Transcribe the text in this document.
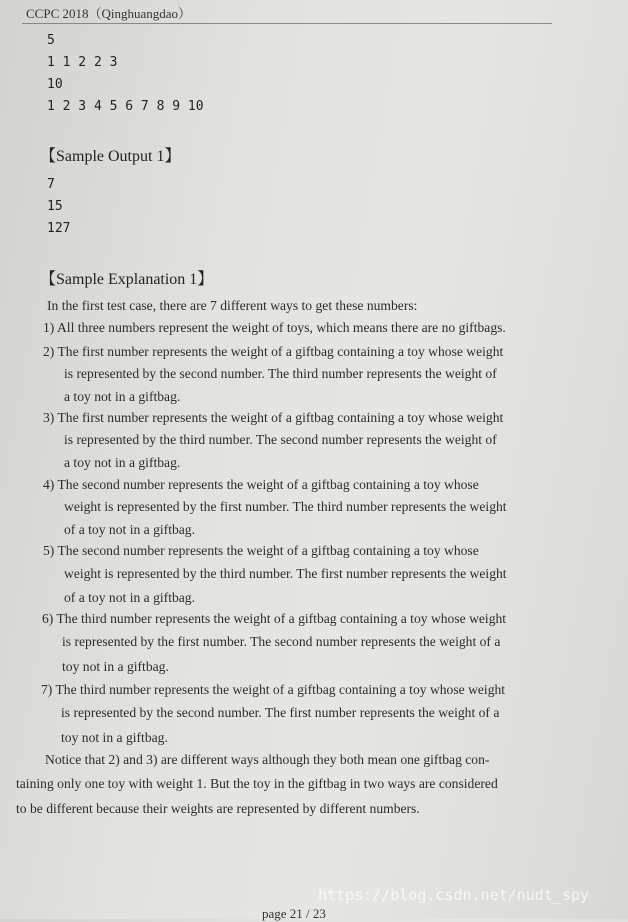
CCPC 2018（Qinghuangdao）
5
1 1 2 2 3
10
1 2 3 4 5 6 7 8 9 10
【Sample Output 1】
7
15
127
【Sample Explanation 1】
In the first test case, there are 7 different ways to get these numbers:
1) All three numbers represent the weight of toys, which means there are no giftbags.
2) The first number represents the weight of a giftbag containing a toy whose weight
is represented by the second number. The third number represents the weight of
a toy not in a giftbag.
3) The first number represents the weight of a giftbag containing a toy whose weight
is represented by the third number. The second number represents the weight of
a toy not in a giftbag.
4) The second number represents the weight of a giftbag containing a toy whose
weight is represented by the first number. The third number represents the weight
of a toy not in a giftbag.
5) The second number represents the weight of a giftbag containing a toy whose
weight is represented by the third number. The first number represents the weight
of a toy not in a giftbag.
6) The third number represents the weight of a giftbag containing a toy whose weight
is represented by the first number. The second number represents the weight of a
toy not in a giftbag.
7) The third number represents the weight of a giftbag containing a toy whose weight
is represented by the second number. The first number represents the weight of a
toy not in a giftbag.
Notice that 2) and 3) are different ways although they both mean one giftbag con-
taining only one toy with weight 1. But the toy in the giftbag in two ways are considered
to be different because their weights are represented by different numbers.
https://blog.csdn.net/nudt_spy
page 21 / 23
